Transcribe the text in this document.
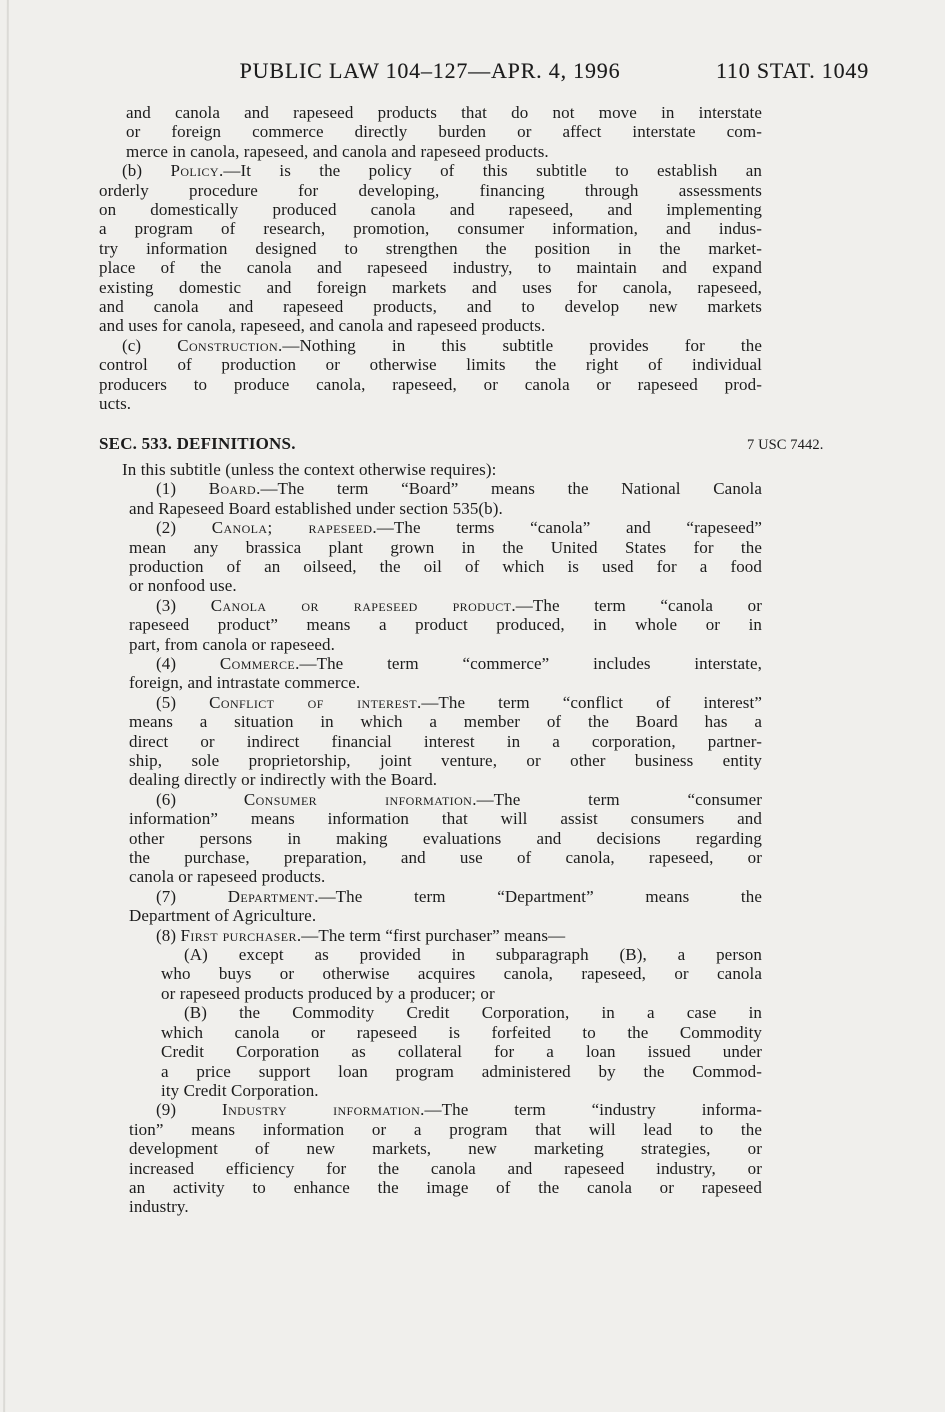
PUBLIC LAW 104–127—APR. 4, 1996	110 STAT. 1049
and canola and rapeseed products that do not move in interstate
or foreign commerce directly burden or affect interstate com-
merce in canola, rapeseed, and canola and rapeseed products.
(b) Policy.—It is the policy of this subtitle to establish an
orderly procedure for developing, financing through assessments
on domestically produced canola and rapeseed, and implementing
a program of research, promotion, consumer information, and indus-
try information designed to strengthen the position in the market-
place of the canola and rapeseed industry, to maintain and expand
existing domestic and foreign markets and uses for canola, rapeseed,
and canola and rapeseed products, and to develop new markets
and uses for canola, rapeseed, and canola and rapeseed products.
(c) Construction.—Nothing in this subtitle provides for the
control of production or otherwise limits the right of individual
producers to produce canola, rapeseed, or canola or rapeseed prod-
ucts.
SEC. 533. DEFINITIONS.	7 USC 7442.
In this subtitle (unless the context otherwise requires):
(1) Board.—The term “Board” means the National Canola
and Rapeseed Board established under section 535(b).
(2) Canola; rapeseed.—The terms “canola” and “rapeseed”
mean any brassica plant grown in the United States for the
production of an oilseed, the oil of which is used for a food
or nonfood use.
(3) Canola or rapeseed product.—The term “canola or
rapeseed product” means a product produced, in whole or in
part, from canola or rapeseed.
(4) Commerce.—The term “commerce” includes interstate,
foreign, and intrastate commerce.
(5) Conflict of interest.—The term “conflict of interest”
means a situation in which a member of the Board has a
direct or indirect financial interest in a corporation, partner-
ship, sole proprietorship, joint venture, or other business entity
dealing directly or indirectly with the Board.
(6) Consumer information.—The term “consumer
information” means information that will assist consumers and
other persons in making evaluations and decisions regarding
the purchase, preparation, and use of canola, rapeseed, or
canola or rapeseed products.
(7) Department.—The term “Department” means the
Department of Agriculture.
(8) First purchaser.—The term “first purchaser” means—
(A) except as provided in subparagraph (B), a person
who buys or otherwise acquires canola, rapeseed, or canola
or rapeseed products produced by a producer; or
(B) the Commodity Credit Corporation, in a case in
which canola or rapeseed is forfeited to the Commodity
Credit Corporation as collateral for a loan issued under
a price support loan program administered by the Commod-
ity Credit Corporation.
(9) Industry information.—The term “industry informa-
tion” means information or a program that will lead to the
development of new markets, new marketing strategies, or
increased efficiency for the canola and rapeseed industry, or
an activity to enhance the image of the canola or rapeseed
industry.
